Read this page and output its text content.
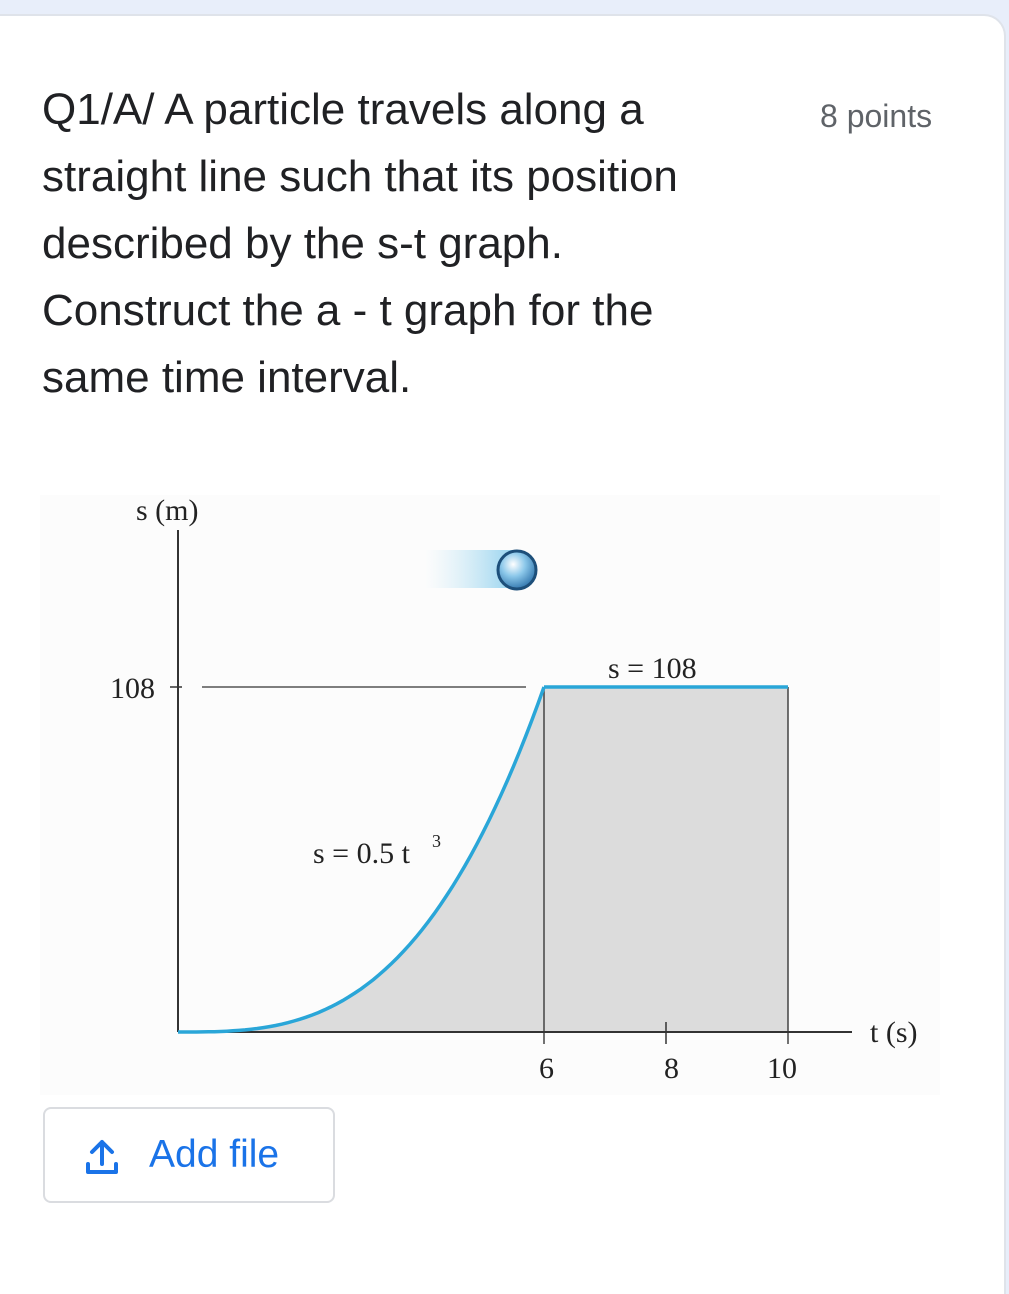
Q1/A/ A particle travels along a
straight line such that its position
described by the s-t graph.
Construct the a - t graph for the
same time interval.
8 points
s (m)
t (s)
108
6	8	10
s = 108
s = 0.5 t 3
Add file
